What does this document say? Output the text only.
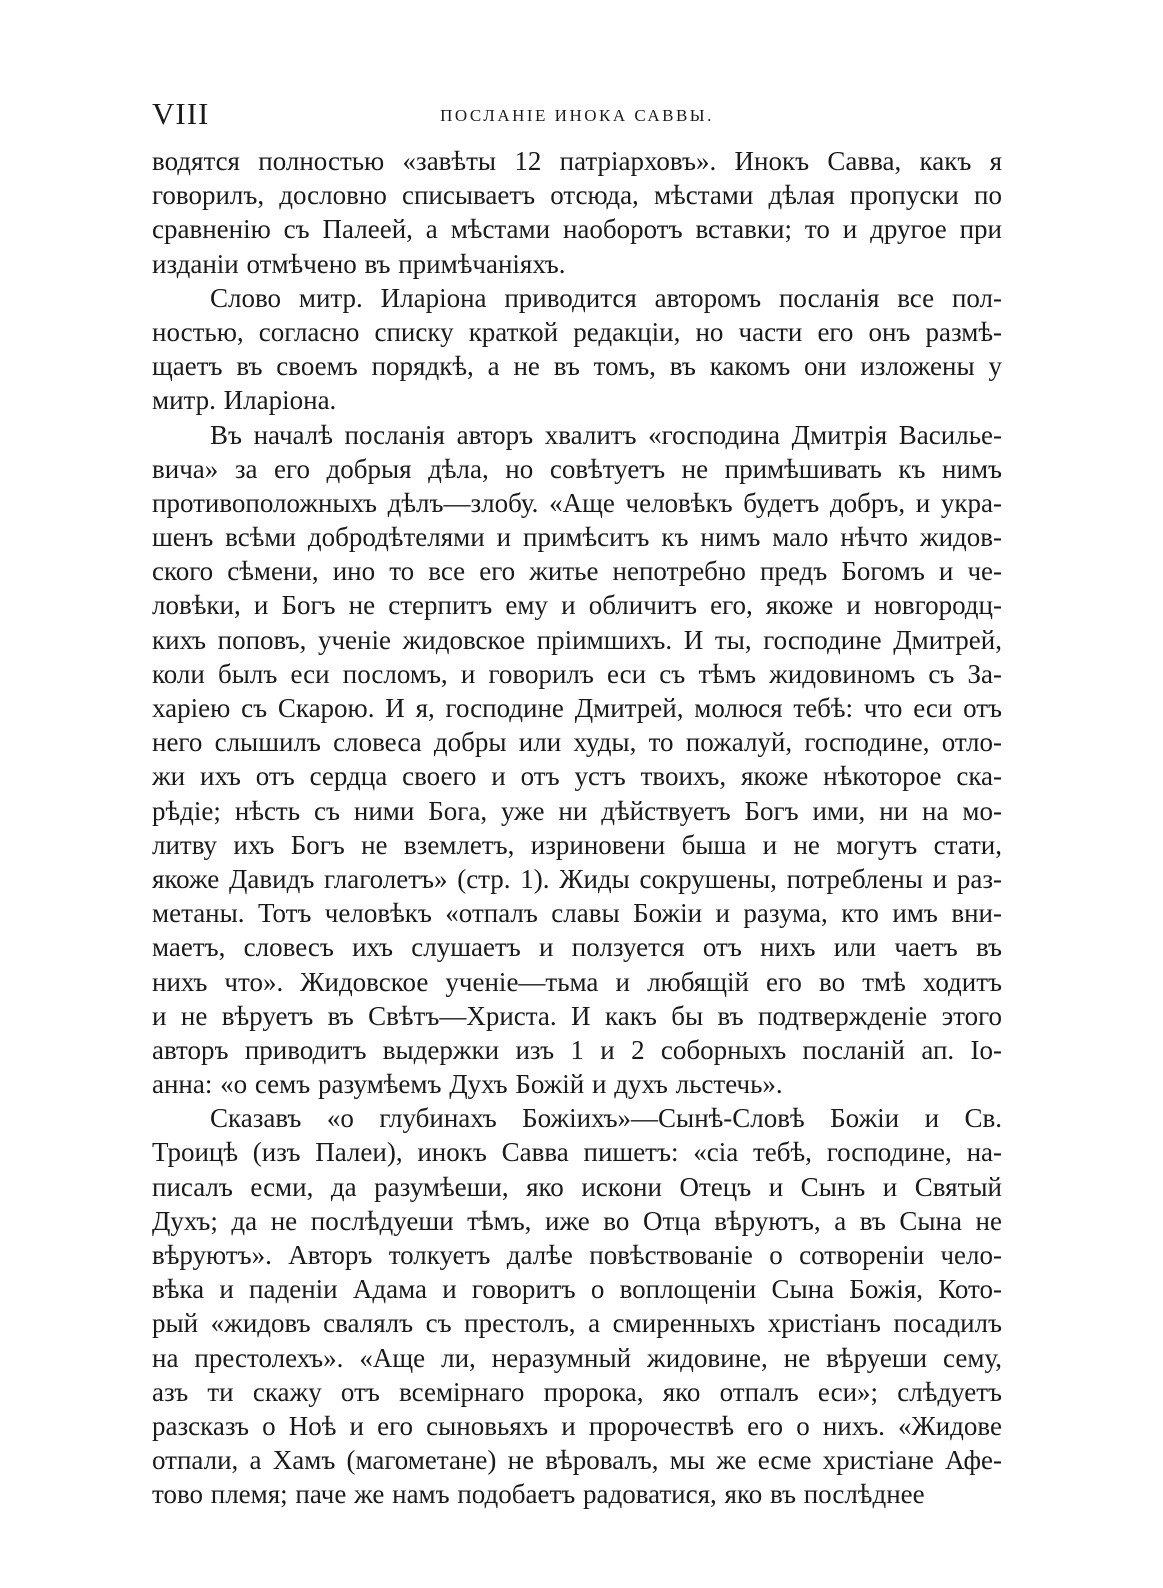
VIII	ПОСЛАНІЕ ИНОКА САВВЫ.
водятся полностью «завѣты 12 патріарховъ». Инокъ Савва, какъ я
говорилъ, дословно списываетъ отсюда, мѣстами дѣлая пропуски по
сравненію съ Палеей, а мѣстами наоборотъ вставки; то и другое при
изданіи отмѣчено въ примѣчаніяхъ.
Слово митр. Иларіона приводится авторомъ посланія все пол-
ностью, согласно списку краткой редакціи, но части его онъ размѣ-
щаетъ въ своемъ порядкѣ, а не въ томъ, въ какомъ они изложены у
митр. Иларіона.
Въ началѣ посланія авторъ хвалитъ «господина Дмитрія Василье-
вича» за его добрыя дѣла, но совѣтуетъ не примѣшивать къ нимъ
противоположныхъ дѣлъ—злобу. «Аще человѣкъ будетъ добръ, и укра-
шенъ всѣми добродѣтелями и примѣситъ къ нимъ мало нѣчто жидов-
ского сѣмени, ино то все его житье непотребно предъ Богомъ и че-
ловѣки, и Богъ не стерпитъ ему и обличитъ его, якоже и новгородц-
кихъ поповъ, ученіе жидовское пріимшихъ. И ты, господине Дмитрей,
коли былъ еси посломъ, и говорилъ еси съ тѣмъ жидовиномъ съ За-
харіею съ Скарою. И я, господине Дмитрей, молюся тебѣ: что еси отъ
него слышилъ словеса добры или худы, то пожалуй, господине, отло-
жи ихъ отъ сердца своего и отъ устъ твоихъ, якоже нѣкоторое ска-
рѣдіе; нѣсть съ ними Бога, уже ни дѣйствуетъ Богъ ими, ни на мо-
литву ихъ Богъ не вземлетъ, изриновени быша и не могутъ стати,
якоже Давидъ глаголетъ» (стр. 1). Жиды сокрушены, потреблены и раз-
метаны. Тотъ человѣкъ «отпалъ славы Божіи и разума, кто имъ вни-
маетъ, словесъ ихъ слушаетъ и ползуется отъ нихъ или чаетъ въ
нихъ что». Жидовское ученіе—тьма и любящій его во тмѣ ходитъ
и не вѣруетъ въ Свѣтъ—Христа. И какъ бы въ подтвержденіе этого
авторъ приводитъ выдержки изъ 1 и 2 соборныхъ посланій ап. Іо-
анна: «о семъ разумѣемъ Духъ Божій и духъ льстечь».
Сказавъ «о глубинахъ Божіихъ»—Сынѣ-Словѣ Божіи и Св.
Троицѣ (изъ Палеи), инокъ Савва пишетъ: «сіа тебѣ, господине, на-
писалъ есми, да разумѣеши, яко искони Отецъ и Сынъ и Святый
Духъ; да не послѣдуеши тѣмъ, иже во Отца вѣруютъ, а въ Сына не
вѣруютъ». Авторъ толкуетъ далѣе повѣствованіе о сотвореніи чело-
вѣка и паденіи Адама и говоритъ о воплощеніи Сына Божія, Кото-
рый «жидовъ свалялъ съ престолъ, а смиренныхъ христіанъ посадилъ
на престолехъ». «Аще ли, неразумный жидовине, не вѣруеши сему,
азъ ти скажу отъ всемірнаго пророка, яко отпалъ еси»; слѣдуетъ
разсказъ о Ноѣ и его сыновьяхъ и пророчествѣ его о нихъ. «Жидове
отпали, а Хамъ (магометане) не вѣровалъ, мы же есме христіане Афе-
тово племя; паче же намъ подобаетъ радоватися, яко въ послѣднее
